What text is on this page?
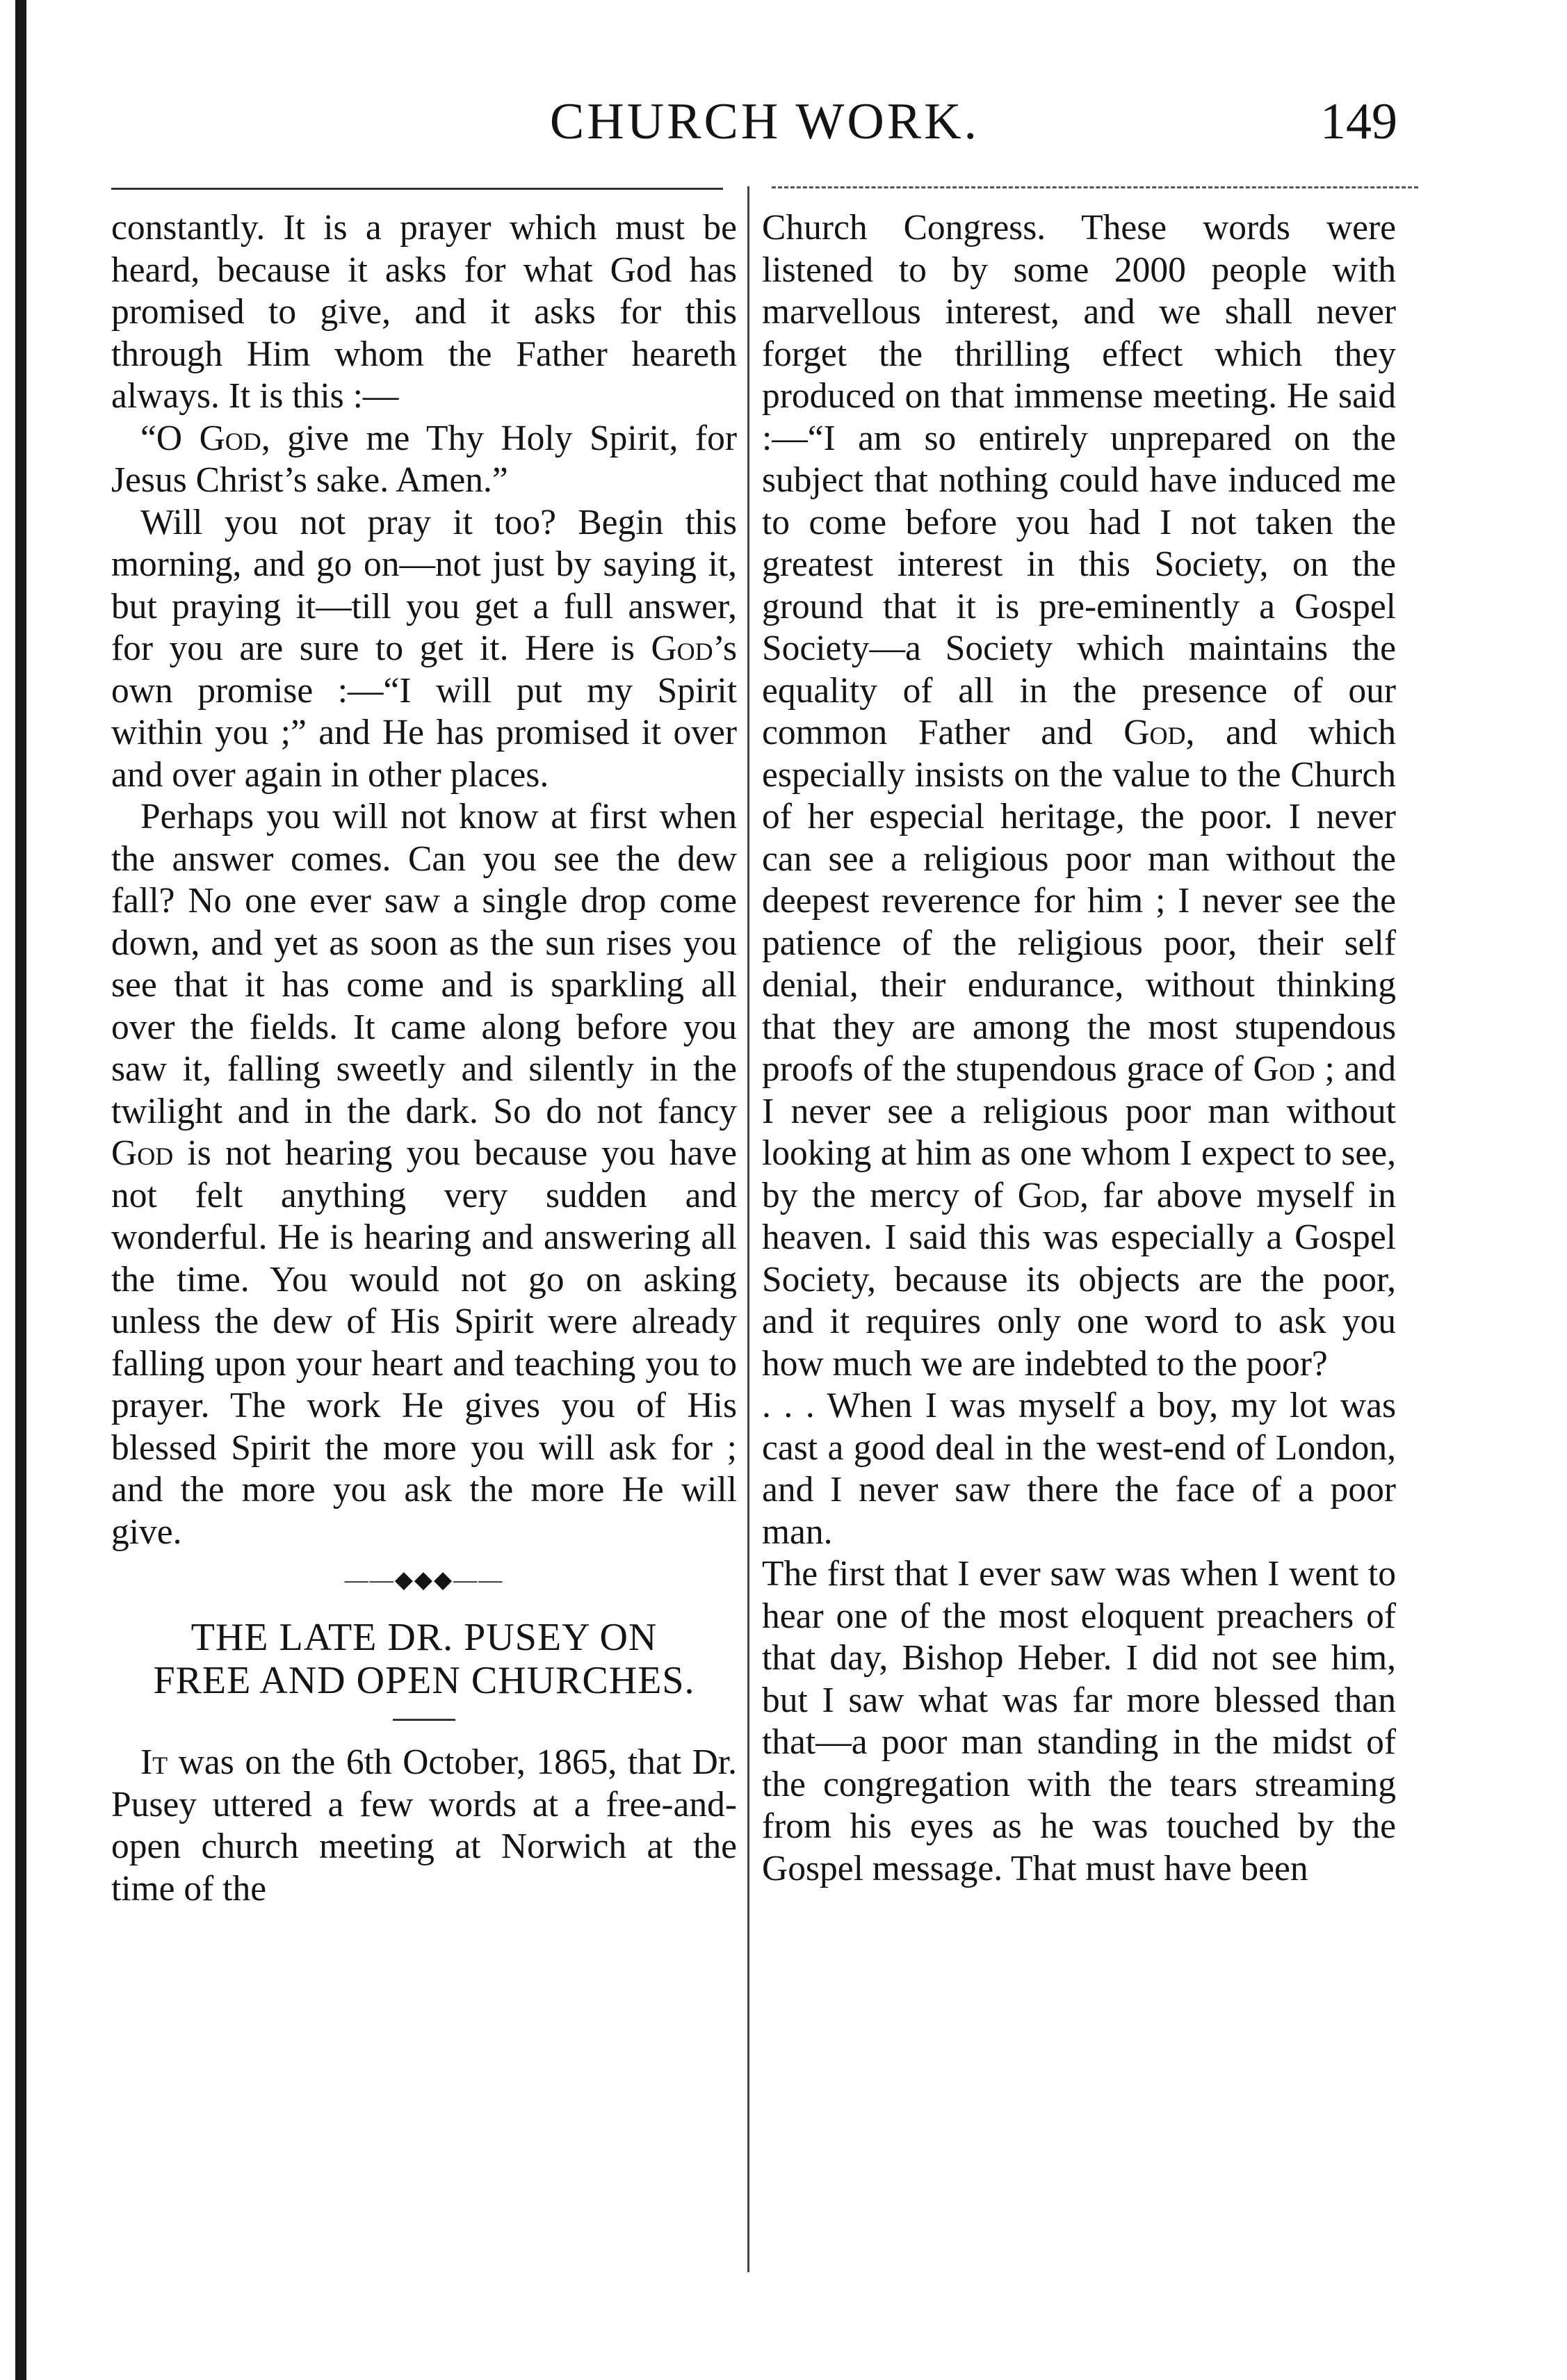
CHURCH WORK.	149

constantly. It is a prayer which must be heard, because it asks for what God has promised to give, and it asks for this through Him whom the Father heareth always. It is this :—

“O God, give me Thy Holy Spirit, for Jesus Christ’s sake. Amen.”

Will you not pray it too? Begin this morning, and go on—not just by saying it, but praying it—till you get a full answer, for you are sure to get it. Here is God’s own promise :—“I will put my Spirit within you ;” and He has promised it over and over again in other places.

Perhaps you will not know at first when the answer comes. Can you see the dew fall? No one ever saw a single drop come down, and yet as soon as the sun rises you see that it has come and is sparkling all over the fields. It came along before you saw it, falling sweetly and silently in the twilight and in the dark. So do not fancy God is not hearing you because you have not felt anything very sudden and wonderful. He is hearing and answering all the time. You would not go on asking unless the dew of His Spirit were already falling upon your heart and teaching you to prayer. The work He gives you of His blessed Spirit the more you will ask for ; and the more you ask the more He will give.

——◆◆◆——

THE LATE DR. PUSEY ON

FREE AND OPEN CHURCHES.

It was on the 6th October, 1865, that Dr. Pusey uttered a few words at a free-and-open church meeting at Norwich at the time of the

Church Congress. These words were listened to by some 2000 people with marvellous interest, and we shall never forget the thrilling effect which they produced on that immense meeting. He said :—“I am so entirely unprepared on the subject that nothing could have induced me to come before you had I not taken the greatest interest in this Society, on the ground that it is pre-eminently a Gospel Society—a Society which maintains the equality of all in the presence of our common Father and God, and which especially insists on the value to the Church of her especial heritage, the poor. I never can see a religious poor man without the deepest reverence for him ; I never see the patience of the religious poor, their self denial, their endurance, without thinking that they are among the most stupendous proofs of the stupendous grace of God ; and I never see a religious poor man without looking at him as one whom I expect to see, by the mercy of God, far above myself in heaven. I said this was especially a Gospel Society, because its objects are the poor, and it requires only one word to ask you how much we are indebted to the poor?

. . . When I was myself a boy, my lot was cast a good deal in the west-end of London, and I never saw there the face of a poor man.

The first that I ever saw was when I went to hear one of the most eloquent preachers of that day, Bishop Heber. I did not see him, but I saw what was far more blessed than that—a poor man standing in the midst of the congregation with the tears streaming from his eyes as he was touched by the Gospel message. That must have been
